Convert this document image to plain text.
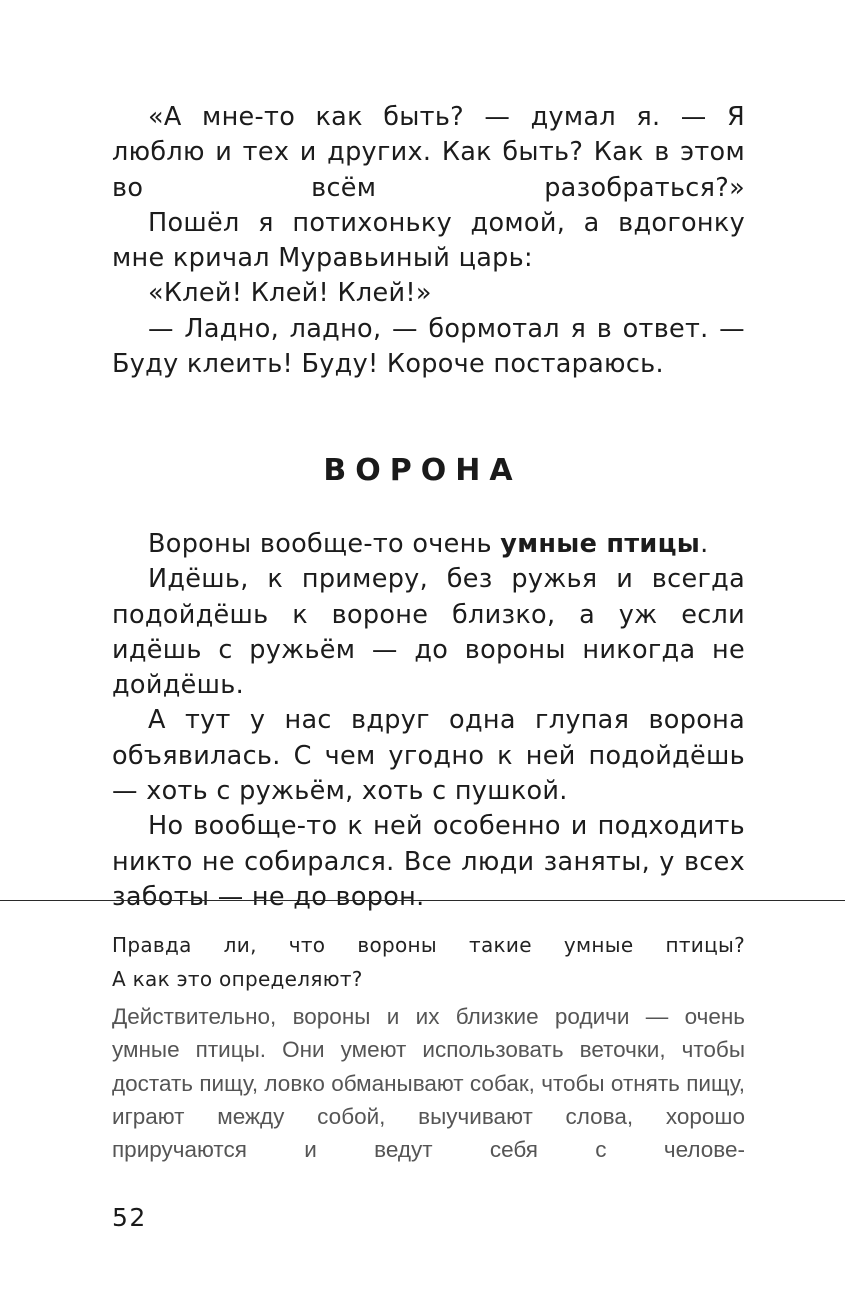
«А мне-то как быть? — думал я. — Я люблю и тех и других. Как быть? Как в этом во всём разобраться?»

Пошёл я потихоньку домой, а вдогонку мне кричал Муравьиный царь:

«Клей! Клей! Клей!»

— Ладно, ладно, — бормотал я в ответ. — Буду клеить! Буду! Короче постараюсь.

ВОРОНА

Вороны вообще-то очень умные птицы.

Идёшь, к примеру, без ружья и всегда подойдёшь к вороне близко, а уж если идёшь с ружьём — до вороны никогда не дойдёшь.

А тут у нас вдруг одна глупая ворона объявилась. С чем угодно к ней подойдёшь — хоть с ружьём, хоть с пушкой.

Но вообще-то к ней особенно и подходить никто не собирался. Все люди заняты, у всех заботы — не до ворон.

Правда ли, что вороны такие умные птицы?
А как это определяют?

Действительно, вороны и их близкие родичи — очень умные птицы. Они умеют использовать веточки, чтобы достать пищу, ловко обманывают собак, чтобы отнять пищу, играют между собой, выучивают слова, хорошо приручаются и ведут себя с челове-

52
